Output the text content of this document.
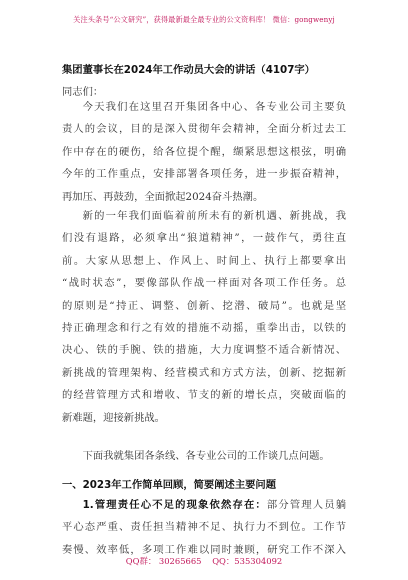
关注头条号“公文研究”，获得最新最全最专业的公文资料库！ 微信：gongwenyj
集团董事长在2024年工作动员大会的讲话（4107字）
同志们：
今天我们在这里召开集团各中心、各专业公司主要负
责人的会议，目的是深入贯彻年会精神，全面分析过去工
作中存在的硬伤，给各位提个醒，缬紧思想这根弦，明确
今年的工作重点，安排部署各项任务，进一步振奋精神，
再加压、再鼓劲，全面掀起2024奋斗热潮。
新的一年我们面临着前所未有的新机遇、新挑战，我
们没有退路，必须拿出“狼道精神”，一鼓作气，勇往直
前。大家从思想上、作风上、时间上、执行上都要拿出
“战时状态”，要像部队作战一样面对各项工作任务。总
的原则是“持正、调整、创新、挖潜、破局”。也就是坚
持正确理念和行之有效的措施不动摇，重拳出击，以铁的
决心、铁的手腕、铁的措施，大力度调整不适合新情况、
新挑战的管理架构、经营模式和方式方法，创新、挖掘新
的经营管理方式和增收、节支的新的增长点，突破面临的
新难题，迎接新挑战。
下面我就集团各条线、各专业公司的工作谈几点问题。
一、2023年工作简单回顾，简要阐述主要问题
1.管理责任心不足的现象依然存在：部分管理人员躺
平心态严重、责任担当精神不足、执行力不到位。工作节
奏慢、效率低，多项工作难以同时兼顾，研究工作不深入
QQ群： 30265665 QQ：535304092
